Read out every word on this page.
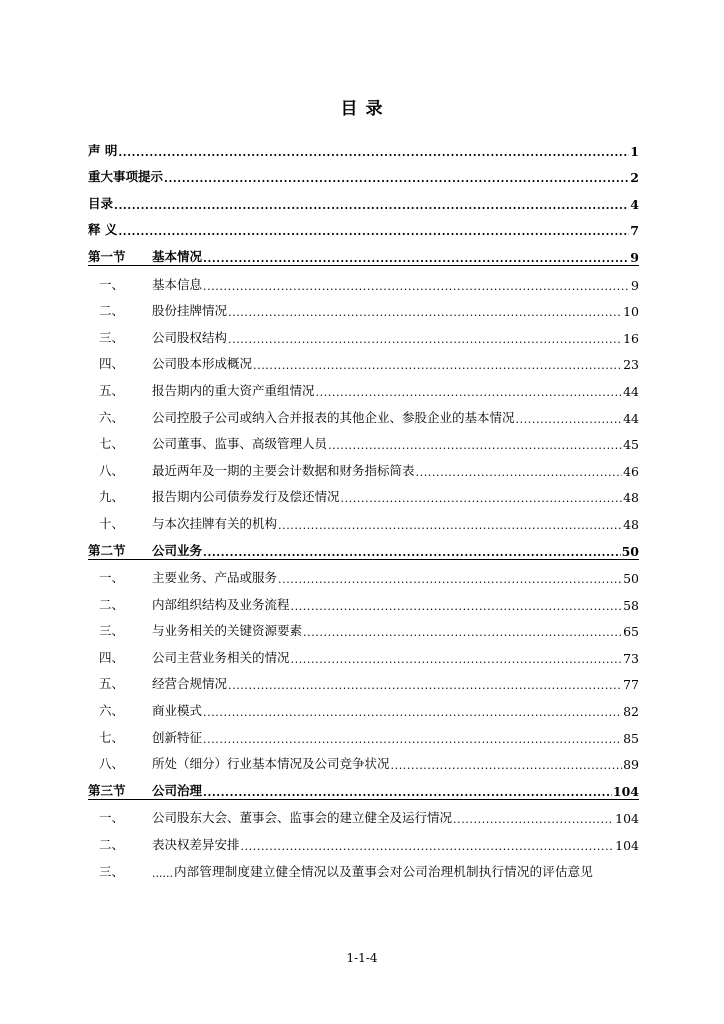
目 录
声 明 .....	1
重大事项提示 .....	2
目录 .....	4
释 义 .....	7
第一节	基本情况 .....	9
一、	基本信息 .....	9
二、	股份挂牌情况 .....	10
三、	公司股权结构 .....	16
四、	公司股本形成概况 .....	23
五、	报告期内的重大资产重组情况 .....	44
六、	公司控股子公司或纳入合并报表的其他企业、参股企业的基本情况 .....	44
七、	公司董事、监事、高级管理人员 .....	45
八、	最近两年及一期的主要会计数据和财务指标简表 .....	46
九、	报告期内公司债券发行及偿还情况 .....	48
十、	与本次挂牌有关的机构 .....	48
第二节	公司业务 .....	50
一、	主要业务、产品或服务 .....	50
二、	内部组织结构及业务流程 .....	58
三、	与业务相关的关键资源要素 .....	65
四、	公司主营业务相关的情况 .....	73
五、	经营合规情况 .....	77
六、	商业模式 .....	82
七、	创新特征 .....	85
八、	所处（细分）行业基本情况及公司竞争状况 .....	89
第三节	公司治理 .....	104
一、	公司股东大会、董事会、监事会的建立健全及运行情况 .....	104
二、	表决权差异安排 .....	104
三、	...... 内部管理制度建立健全情况以及董事会对公司治理机制执行情况的评估意见
1-1-4
